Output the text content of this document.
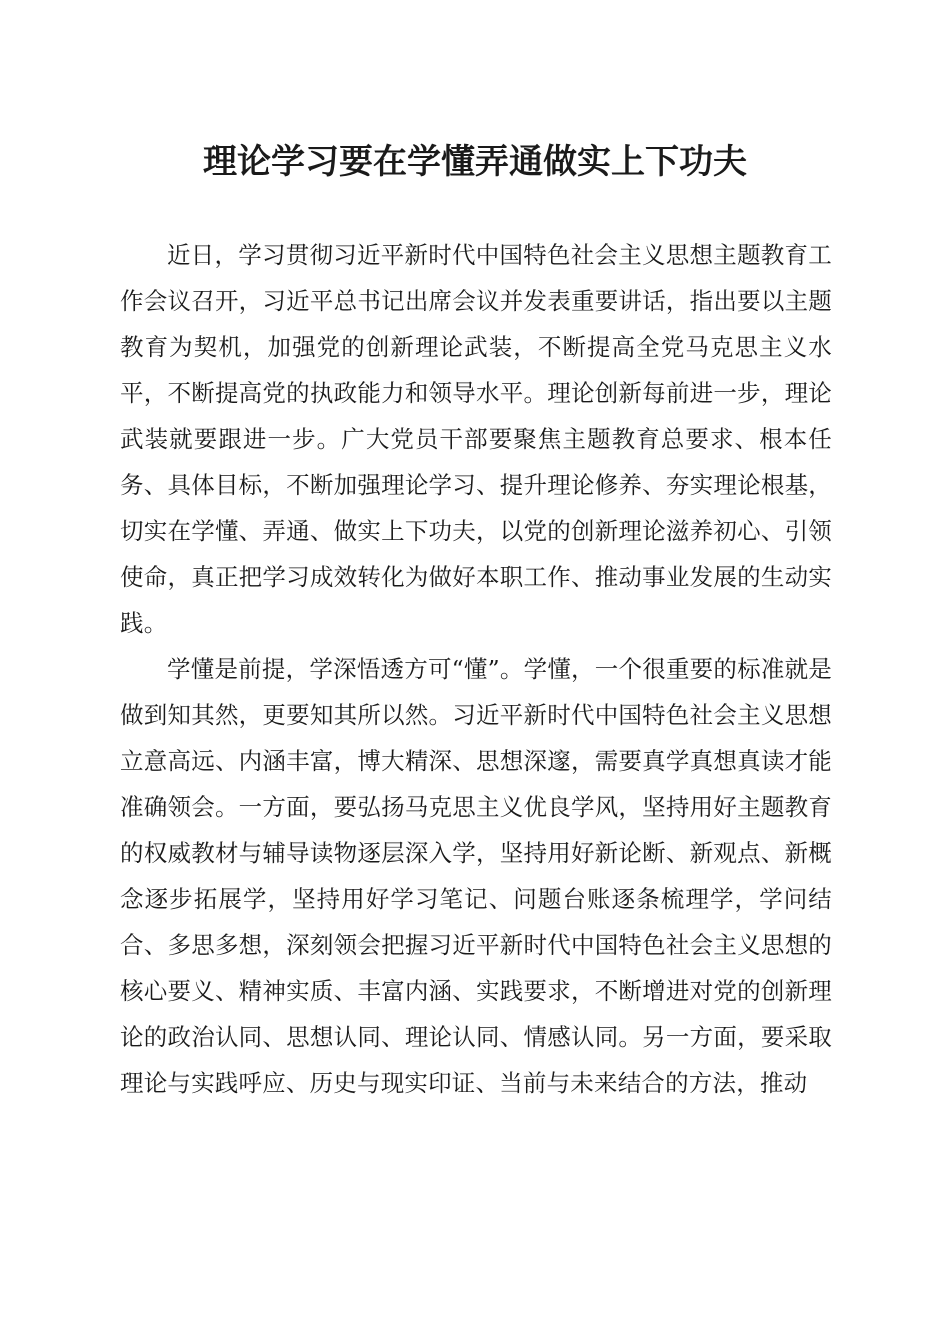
理论学习要在学懂弄通做实上下功夫

近日，学习贯彻习近平新时代中国特色社会主义思想主题教育工作会议召开，习近平总书记出席会议并发表重要讲话，指出要以主题教育为契机，加强党的创新理论武装，不断提高全党马克思主义水平，不断提高党的执政能力和领导水平。理论创新每前进一步，理论武装就要跟进一步。广大党员干部要聚焦主题教育总要求、根本任务、具体目标，不断加强理论学习、提升理论修养、夯实理论根基，切实在学懂、弄通、做实上下功夫，以党的创新理论滋养初心、引领使命，真正把学习成效转化为做好本职工作、推动事业发展的生动实践。

学懂是前提，学深悟透方可“懂”。学懂，一个很重要的标准就是做到知其然，更要知其所以然。习近平新时代中国特色社会主义思想立意高远、内涵丰富，博大精深、思想深邃，需要真学真想真读才能准确领会。一方面，要弘扬马克思主义优良学风，坚持用好主题教育的权威教材与辅导读物逐层深入学，坚持用好新论断、新观点、新概念逐步拓展学，坚持用好学习笔记、问题台账逐条梳理学，学问结合、多思多想，深刻领会把握习近平新时代中国特色社会主义思想的核心要义、精神实质、丰富内涵、实践要求，不断增进对党的创新理论的政治认同、思想认同、理论认同、情感认同。另一方面，要采取理论与实践呼应、历史与现实印证、当前与未来结合的方法，推动
